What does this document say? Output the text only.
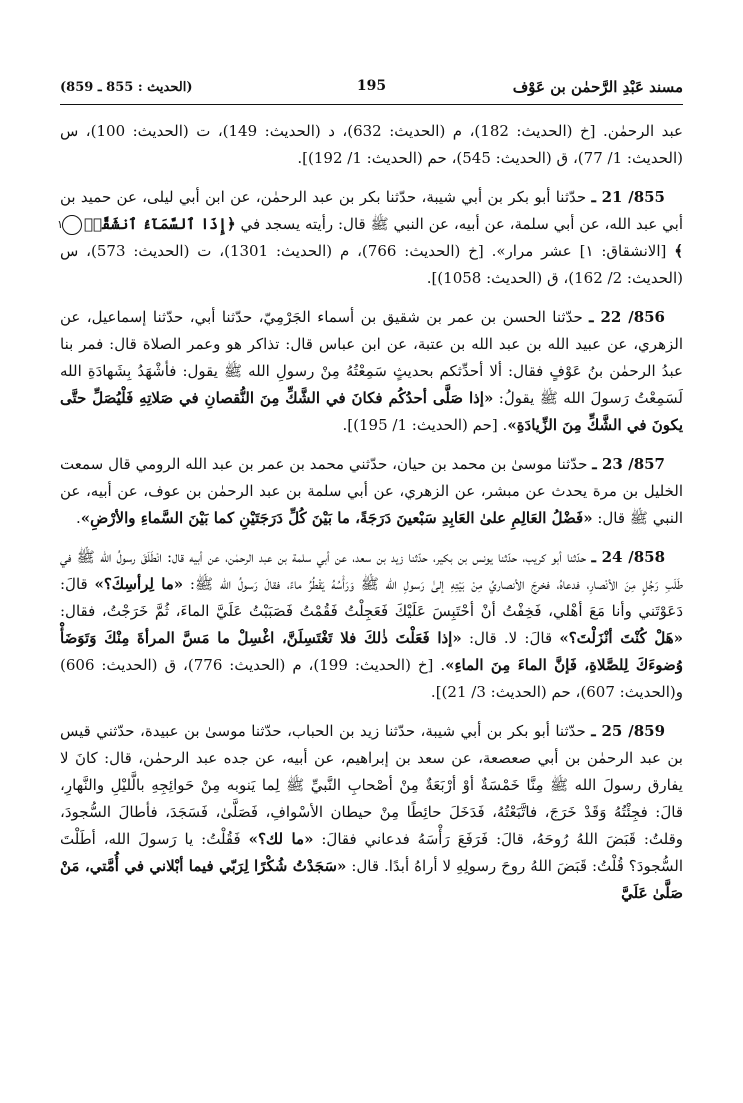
(الحديث : 855 ـ 859)	195	مسند عَبْدِ الرَّحمٰن بن عَوْف

عبد الرحمٰن. [خ (الحديث: 182)، م (الحديث: 632)، د (الحديث: 149)، ت (الحديث: 100)، س (الحديث: 1/ 77)، ق (الحديث: 545)، حم (الحديث: 1/ 192)].

855/ 21 ـ حدّثنا أبو بكر بن أبي شيبة، حدّثنا بكر بن عبد الرحمٰن، عن ابن أبي ليلى، عن حميد بن أبي عبد الله، عن أبي سلمة، عن أبيه، عن النبي ﷺ قال: رأيته يسجد في ﴿إِذَا ٱلسَّمَآءُ ٱنشَقَّتۡ١﴾ [الانشقاق: ١] عشر مرار». [خ (الحديث: 766)، م (الحديث: 1301)، ت (الحديث: 573)، س (الحديث: 2/ 162)، ق (الحديث: 1058)].

856/ 22 ـ حدّثنا الحسن بن عمر بن شقيق بن أسماء الجَرْمِيّ، حدّثنا أبي، حدّثنا إسماعيل، عن الزهري، عن عبيد الله بن عبد الله بن عتبة، عن ابن عباس قال: تذاكر هو وعمر الصلاة قال: فمر بنا عبدُ الرحمٰن بنُ عَوْفٍ فقال: ألا أحدِّثكم بحديثٍ سَمِعْتُهُ مِنْ رسولِ الله ﷺ يقول: فأشْهَدُ بِشَهادَةِ الله لَسَمِعْتُ رَسولَ الله ﷺ يقولُ: «إذا صَلَّى أحدُكُم فكانَ في الشَّكِّ مِنَ النُّقصانِ في صَلاتِهِ فَلْيُصَلِّ حتَّى يكونَ في الشَّكِّ مِنَ الزِّيادَةِ». [حم (الحديث: 1/ 195)].

857/ 23 ـ حدّثنا موسىٰ بن محمد بن حيان، حدّثني محمد بن عمر بن عبد الله الرومي قال سمعت الخليل بن مرة يحدث عن مبشر، عن الزهري، عن أبي سلمة بن عبد الرحمٰن بن عوف، عن أبيه، عن النبي ﷺ قال: «فَضْلُ العَالِمِ علىٰ العَابِدِ سَبْعينَ دَرَجَةً، ما بَيْنَ كُلِّ دَرَجَتَيْنِ كما بَيْنَ السَّماءِ والأرْضِ».

858/ 24 ـ حدّثنا أبو كريب، حدّثنا يونس بن بكير، حدّثنا زيد بن سعد، عن أبي سلمة بن عبد الرحمٰن، عن أبيه قال: انْطَلَقَ رسولُ الله ﷺ في طَلَبِ رَجُلٍ مِنَ الأنْصارِ، فدعاهُ، فخرجَ الأنصاريُ مِنْ بَيْتِهِ إلىٰ رَسولِ الله ﷺ وَرَأْسُهُ يَقْطُرُ ماءً، فقالَ رَسولُ الله ﷺ: «ما لِرأسِكَ؟» قالَ: دَعَوْتَني وأنا مَعَ أهْلي، فَخِفْتُ أنْ أحْتَبِسَ عَلَيْكَ فَعَجِلْتُ فَقُمْتُ فَصَبَبْتُ عَلَيَّ الماءَ، ثُمَّ خَرَجْتُ، فقال: «هَلْ كُنْتَ أنْزَلْتَ؟» قالَ: لا. قال: «إذا فَعَلْتَ ذٰلكَ فلا تَغْتَسِلَنَّ، اغْسِلْ ما مَسَّ المرأةَ مِنْكَ وَتَوَضَأْ وُضوءَكَ لِلصَّلاةِ، فَإنَّ الماءَ مِنَ الماءِ». [خ (الحديث: 199)، م (الحديث: 776)، ق (الحديث: 606) و(الحديث: 607)، حم (الحديث: 3/ 21)].

859/ 25 ـ حدّثنا أبو بكر بن أبي شيبة، حدّثنا زيد بن الحباب، حدّثنا موسىٰ بن عبيدة، حدّثني قيس بن عبد الرحمٰن بن أبي صعصعة، عن سعد بن إبراهيم، عن أبيه، عن جده عبد الرحمٰن، قال: كانَ لا يفارق رسولَ الله ﷺ مِنَّا خَمْسَةٌ أوْ أرْبَعَةٌ مِنْ أصْحابِ النَّبيِّ ﷺ لِما يَنوبه مِنْ حَوائِجِهِ بالَّليْلِ والنَّهارِ، قالَ: فجِئْتُهُ وَقَدْ خَرَجَ، فاتَّبَعْتُهُ، فَدَخَلَ حائِطًا مِنْ حيطان الأسْوافِ، فَصَلَّىٰ، فَسَجَدَ، فأطالَ السُّجودَ، وقلتُ: قَبَضَ اللهُ رُوحَهُ، قالَ: فَرَفَعَ رَأْسَهُ فدعاني فقالَ: «ما لك؟» فَقُلْتُ: يا رَسولَ الله، أطَلْتَ السُّجودَ؟ قُلْتُ: قَبَضَ اللهُ روحَ رسولِهِ لا أراهُ أبدًا. قال: «سَجَدْتُ شُكْرًا لِرَبّي فيما أبْلاني في أُمَّتي، مَنْ صَلَّىٰ عَلَيَّ
